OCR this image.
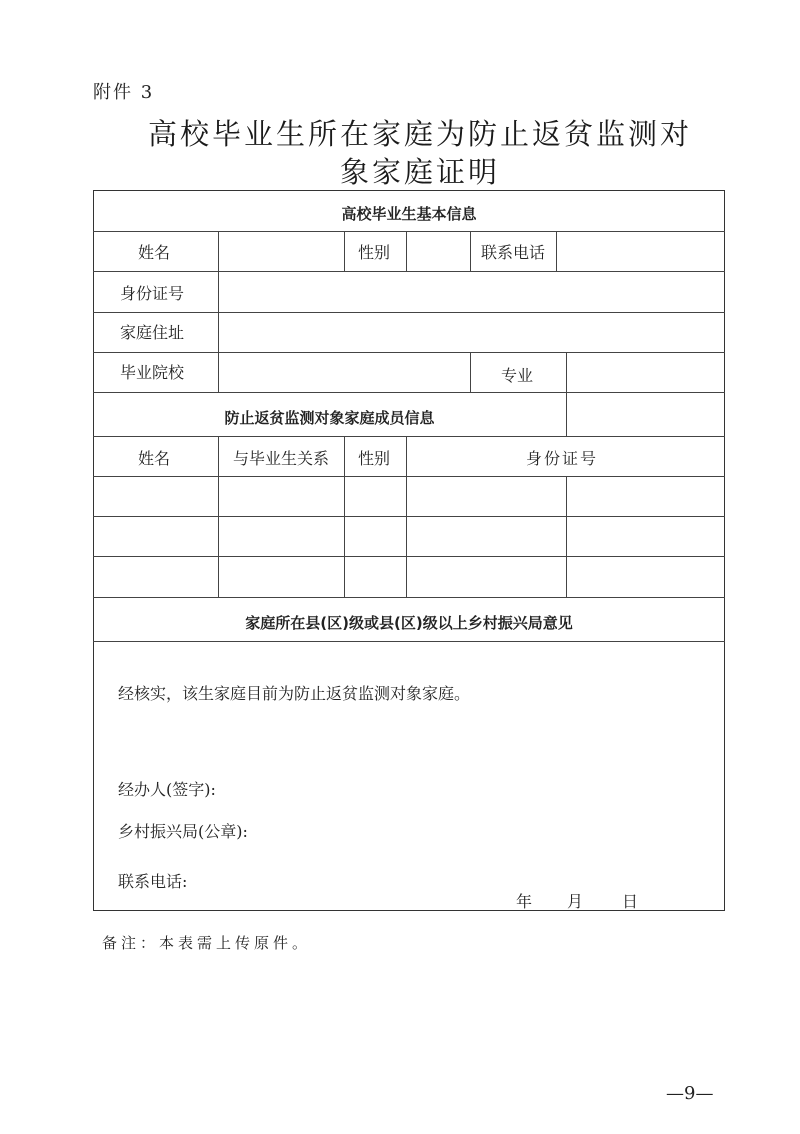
附件 3
高校毕业生所在家庭为防止返贫监测对
象家庭证明
高校毕业生基本信息
姓名	性别	联系电话
身份证号
家庭住址
毕业院校	专业
防止返贫监测对象家庭成员信息
姓名	与毕业生关系 性别	身份证号
家庭所在县(区)级或县(区)级以上乡村振兴局意见
经核实，该生家庭目前为防止返贫监测对象家庭。
经办人(签字):
乡村振兴局(公章):
联系电话:
年 月 日
备注：本表需上传原件。
—9—
